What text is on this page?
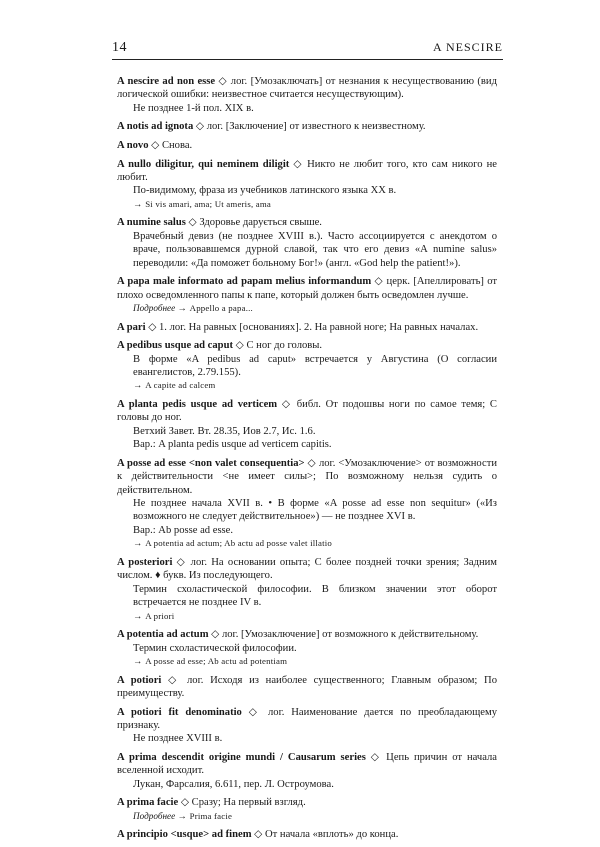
14	A NESCIRE

A nescire ad non esse ◇ лог. [Умозаключать] от незнания к несуществованию (вид логической ошибки: неизвестное считается несуществующим).

Не позднее 1-й пол. XIX в.

A notis ad ignota ◇ лог. [Заключение] от известного к неизвестному.

A novo ◇ Снова.

A nullo diligitur, qui neminem diligit ◇ Никто не любит того, кто сам никого не любит.

По-видимому, фраза из учебников латинского языка XX в.

→ Si vis amari, ama; Ut ameris, ama

A numine salus ◇ Здоровье дарується свыше.

Врачебный девиз (не позднее XVIII в.). Часто ассоциируется с анекдотом о враче, пользовавшемся дурной славой, так что его девиз «A numine salus» переводили: «Да поможет больному Бог!» (англ. «God help the patient!»).

A papa male informato ad papam melius informandum ◇ церк. [Апеллировать] от плохо осведомленного папы к папе, который должен быть осведомлен лучше.

Подробнее → Appello a papa...

A pari ◇ 1. лог. На равных [основаниях]. 2. На равной ноге; На равных началах.

A pedibus usque ad caput ◇ С ног до головы.

В форме «A pedibus ad caput» встречается у Августина (О согласии евангелистов, 2.79.155).

→ A capite ad calcem

A planta pedis usque ad verticem ◇ библ. От подошвы ноги по самое темя; С головы до ног.

Ветхий Завет. Вт. 28.35, Иов 2.7, Ис. 1.6.

Вар.: A planta pedis usque ad verticem capitis.

A posse ad esse <non valet consequentia> ◇ лог. <Умозаключение> от возможности к действительности <не имеет силы>; По возможному нельзя судить о действительном.

Не позднее начала XVII в. • В форме «A posse ad esse non sequitur» («Из возможного не следует действительное») — не позднее XVI в.

Вар.: Ab posse ad esse.

→ A potentia ad actum; Ab actu ad posse valet illatio

A posteriori ◇ лог. На основании опыта; С более поздней точки зрения; Задним числом. ♦ букв. Из последующего.

Термин схоластической философии. В близком значении этот оборот встречается не позднее IV в.

→ A priori

A potentia ad actum ◇ лог. [Умозаключение] от возможного к действительному.

Термин схоластической философии.

→ A posse ad esse; Ab actu ad potentiam

A potiori ◇ лог. Исходя из наиболее существенного; Главным образом; По преимуществу.

A potiori fit denominatio ◇ лог. Наименование дается по преобладающему признаку.

Не позднее XVIII в.

A prima descendit origine mundi / Causarum series ◇ Цепь причин от начала вселенной исходит.

Лукан, Фарсалия, 6.611, пер. Л. Остроумова.

A prima facie ◇ Сразу; На первый взгляд.

Подробнее → Prima facie

A principio <usque> ad finem ◇ От начала «вплоть» до конца.
